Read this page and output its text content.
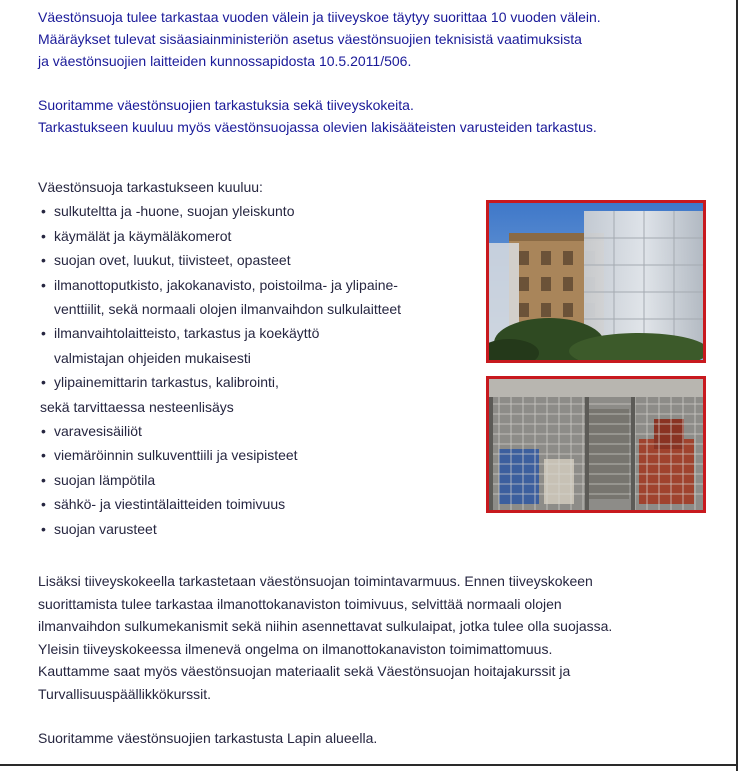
Väestönsuoja tulee tarkastaa vuoden välein ja tiiveyskoe täytyy suorittaa 10 vuoden välein.

Määräykset tulevat sisäasiainministeriön asetus väestönsuojien teknisistä vaatimuksista

ja väestönsuojien laitteiden kunnossapidosta 10.5.2011/506.

Suoritamme väestönsuojien tarkastuksia sekä tiiveyskokeita.

Tarkastukseen kuuluu myös väestönsuojassa olevien lakisääteisten varusteiden tarkastus.

Väestönsuoja tarkastukseen kuuluu:

• sulkuteltta ja -huone, suojan yleiskunto
• käymälät ja käymäläkomerot
• suojan ovet, luukut, tiivisteet, opasteet
• ilmanottoputkisto, jakokanavisto, poistoilma- ja ylipaine-
venttiilit, sekä normaali olojen ilmanvaihdon sulkulaitteet
• ilmanvaihtolaitteisto, tarkastus ja koekäyttö
valmistajan ohjeiden mukaisesti
• ylipainemittarin tarkastus, kalibrointi,
sekä tarvittaessa nesteenlisäys
• varavesisäiliöt
• viemäröinnin sulkuventtiili ja vesipisteet
• suojan lämpötila
• sähkö- ja viestintälaitteiden toimivuus
• suojan varusteet

Lisäksi tiiveyskokeella tarkastetaan väestönsuojan toimintavarmuus. Ennen tiiveyskokeen

suorittamista tulee tarkastaa ilmanottokanaviston toimivuus, selvittää normaali olojen

ilmanvaihdon sulkumekanismit sekä niihin asennettavat sulkulaipat, jotka tulee olla suojassa.

Yleisin tiiveyskokeessa ilmenevä ongelma on ilmanottokanaviston toimimattomuus.

Kauttamme saat myös väestönsuojan materiaalit sekä Väestönsuojan hoitajakurssit ja

Turvallisuuspäällikkökurssit.

Suoritamme väestönsuojien tarkastusta Lapin alueella.
